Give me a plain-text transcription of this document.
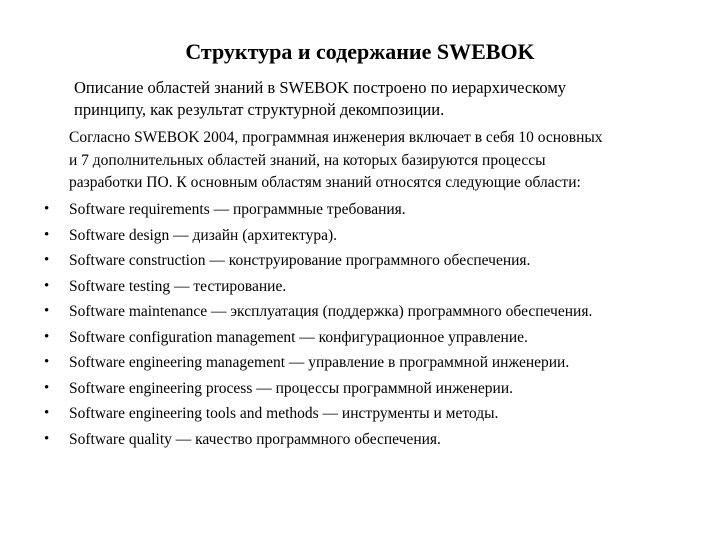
Структура и содержание SWEBOK
Описание областей знаний в SWEBOK построено по иерархическому
принципу, как результат структурной декомпозиции.
Согласно SWEBOK 2004, программная инженерия включает в себя 10 основных
и 7 дополнительных областей знаний, на которых базируются процессы
разработки ПО. К основным областям знаний относятся следующие области:
•	Software requirements — программные требования.
•	Software design — дизайн (архитектура).
•	Software construction — конструирование программного обеспечения.
•	Software testing — тестирование.
•	Software maintenance — эксплуатация (поддержка) программного обеспечения.
•	Software configuration management — конфигурационное управление.
•	Software engineering management — управление в программной инженерии.
•	Software engineering process — процессы программной инженерии.
•	Software engineering tools and methods — инструменты и методы.
•	Software quality — качество программного обеспечения.
